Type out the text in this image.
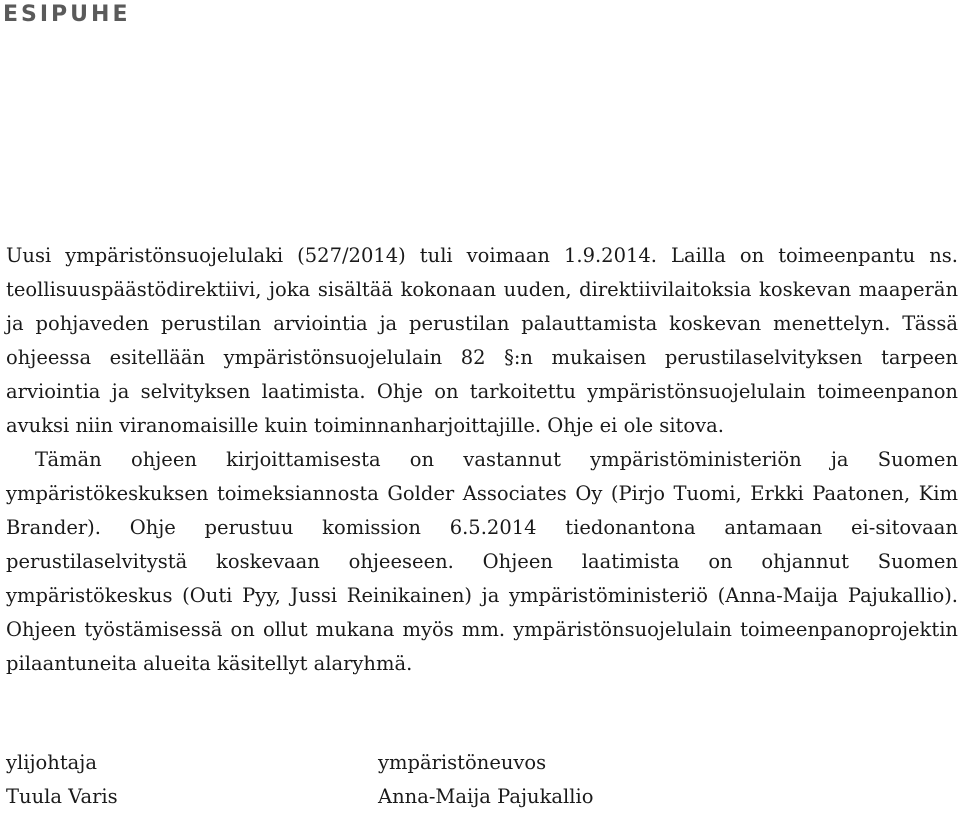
ESIPUHE

Uusi ympäristönsuojelulaki (527/2014) tuli voimaan 1.9.2014. Lailla on toimeenpantu ns. teollisuuspäästödirektiivi, joka sisältää kokonaan uuden, direktiivilaitoksia koskevan maaperän ja pohjaveden perustilan arviointia ja perustilan palauttamista koskevan menettelyn. Tässä ohjeessa esitellään ympäristönsuojelulain 82 §:n mukaisen perustilaselvityksen tarpeen arviointia ja selvityksen laatimista. Ohje on tarkoitettu ympäristönsuojelulain toimeenpanon avuksi niin viranomaisille kuin toiminnanharjoittajille. Ohje ei ole sitova.

Tämän ohjeen kirjoittamisesta on vastannut ympäristöministeriön ja Suomen ympäristökeskuksen toimeksiannosta Golder Associates Oy (Pirjo Tuomi, Erkki Paatonen, Kim Brander). Ohje perustuu komission 6.5.2014 tiedonantona antamaan ei-sitovaan perustilaselvitystä koskevaan ohjeeseen. Ohjeen laatimista on ohjannut Suomen ympäristökeskus (Outi Pyy, Jussi Reinikainen) ja ympäristöministeriö (Anna-Maija Pajukallio). Ohjeen työstämisessä on ollut mukana myös mm. ympäristönsuojelulain toimeenpanoprojektin pilaantuneita alueita käsitellyt alaryhmä.

ylijohtaja
Tuula Varis
ympäristöneuvos
Anna-Maija Pajukallio
